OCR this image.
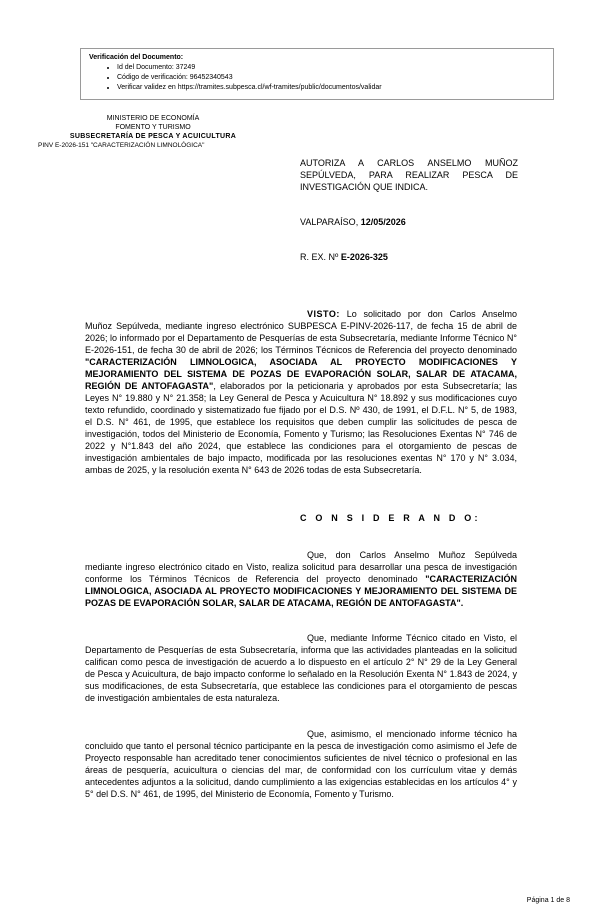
Verificación del Documento:
• Id del Documento: 37249
• Código de verificación: 96452340543
• Verificar validez en https://tramites.subpesca.cl/wf-tramites/public/documentos/validar
MINISTERIO DE ECONOMÍA
FOMENTO Y TURISMO
SUBSECRETARÍA DE PESCA Y ACUICULTURA
PINV E-2026-151 "CARACTERIZACIÓN LIMNOLÓGICA"
AUTORIZA A CARLOS ANSELMO MUÑOZ SEPÚLVEDA, PARA REALIZAR PESCA DE INVESTIGACIÓN QUE INDICA.
VALPARAÍSO, 12/05/2026
R. EX. Nº E-2026-325
VISTO: Lo solicitado por don Carlos Anselmo Muñoz Sepúlveda, mediante ingreso electrónico SUBPESCA E-PINV-2026-117, de fecha 15 de abril de 2026; lo informado por el Departamento de Pesquerías de esta Subsecretaría, mediante Informe Técnico N° E-2026-151, de fecha 30 de abril de 2026; los Términos Técnicos de Referencia del proyecto denominado "CARACTERIZACIÓN LIMNOLOGICA, ASOCIADA AL PROYECTO MODIFICACIONES Y MEJORAMIENTO DEL SISTEMA DE POZAS DE EVAPORACIÓN SOLAR, SALAR DE ATACAMA, REGIÓN DE ANTOFAGASTA", elaborados por la peticionaria y aprobados por esta Subsecretaría; las Leyes N° 19.880 y N° 21.358; la Ley General de Pesca y Acuicultura N° 18.892 y sus modificaciones cuyo texto refundido, coordinado y sistematizado fue fijado por el D.S. Nº 430, de 1991, el D.F.L. N° 5, de 1983, el D.S. N° 461, de 1995, que establece los requisitos que deben cumplir las solicitudes de pesca de investigación, todos del Ministerio de Economía, Fomento y Turismo; las Resoluciones Exentas N° 746 de 2022 y N°1.843 del año 2024, que establece las condiciones para el otorgamiento de pescas de investigación ambientales de bajo impacto, modificada por las resoluciones exentas N° 170 y N° 3.034, ambas de 2025, y la resolución exenta N° 643 de 2026 todas de esta Subsecretaría.
C O N S I D E R A N D O:
Que, don Carlos Anselmo Muñoz Sepúlveda mediante ingreso electrónico citado en Visto, realiza solicitud para desarrollar una pesca de investigación conforme los Términos Técnicos de Referencia del proyecto denominado "CARACTERIZACIÓN LIMNOLOGICA, ASOCIADA AL PROYECTO MODIFICACIONES Y MEJORAMIENTO DEL SISTEMA DE POZAS DE EVAPORACIÓN SOLAR, SALAR DE ATACAMA, REGIÓN DE ANTOFAGASTA".
Que, mediante Informe Técnico citado en Visto, el Departamento de Pesquerías de esta Subsecretaría, informa que las actividades planteadas en la solicitud califican como pesca de investigación de acuerdo a lo dispuesto en el artículo 2° N° 29 de la Ley General de Pesca y Acuicultura, de bajo impacto conforme lo señalado en la Resolución Exenta N° 1.843 de 2024, y sus modificaciones, de esta Subsecretaría, que establece las condiciones para el otorgamiento de pescas de investigación ambientales de esta naturaleza.
Que, asimismo, el mencionado informe técnico ha concluido que tanto el personal técnico participante en la pesca de investigación como asimismo el Jefe de Proyecto responsable han acreditado tener conocimientos suficientes de nivel técnico o profesional en las áreas de pesquería, acuicultura o ciencias del mar, de conformidad con los currículum vitae y demás antecedentes adjuntos a la solicitud, dando cumplimiento a las exigencias establecidas en los artículos 4° y 5° del D.S. N° 461, de 1995, del Ministerio de Economía, Fomento y Turismo.
Página 1 de 8
